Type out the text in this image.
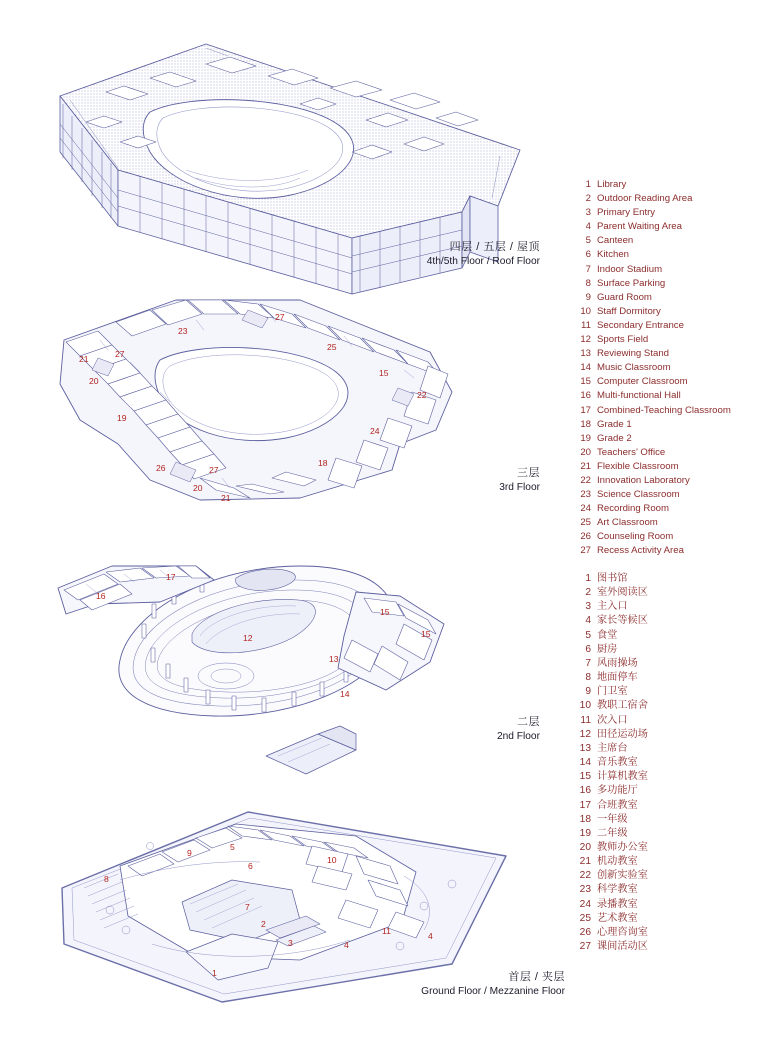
23
27
21	27
25
20
15
22
19
24
26	27
18
20
21
17
16
15
15
12
13
14
9
5
8
6
10
7
2
3
11	4
4
1
四层 / 五层 / 屋顶
4th/5th Floor / Roof Floor
三层
3rd Floor
二层
2nd Floor
首层 / 夹层
Ground Floor / Mezzanine Floor
1 Library
2 Outdoor Reading Area
3 Primary Entry
4 Parent Waiting Area
5 Canteen
6 Kitchen
7 Indoor Stadium
8 Surface Parking
9 Guard Room
10 Staff Dormitory
11 Secondary Entrance
12 Sports Field
13 Reviewing Stand
14 Music Classroom
15 Computer Classroom
16 Multi-functional Hall
17 Combined-Teaching Classroom
18 Grade 1
19 Grade 2
20 Teachers’ Office
21 Flexible Classroom
22 Innovation Laboratory
23 Science Classroom
24 Recording Room
25 Art Classroom
26 Counseling Room
27 Recess Activity Area
1 图书馆
2 室外阅读区
3 主入口
4 家长等候区
5 食堂
6 厨房
7 风雨操场
8 地面停车
9 门卫室
10 教职工宿舍
11 次入口
12 田径运动场
13 主席台
14 音乐教室
15 计算机教室
16 多功能厅
17 合班教室
18 一年级
19 二年级
20 教师办公室
21 机动教室
22 创新实验室
23 科学教室
24 录播教室
25 艺术教室
26 心理咨询室
27 课间活动区
